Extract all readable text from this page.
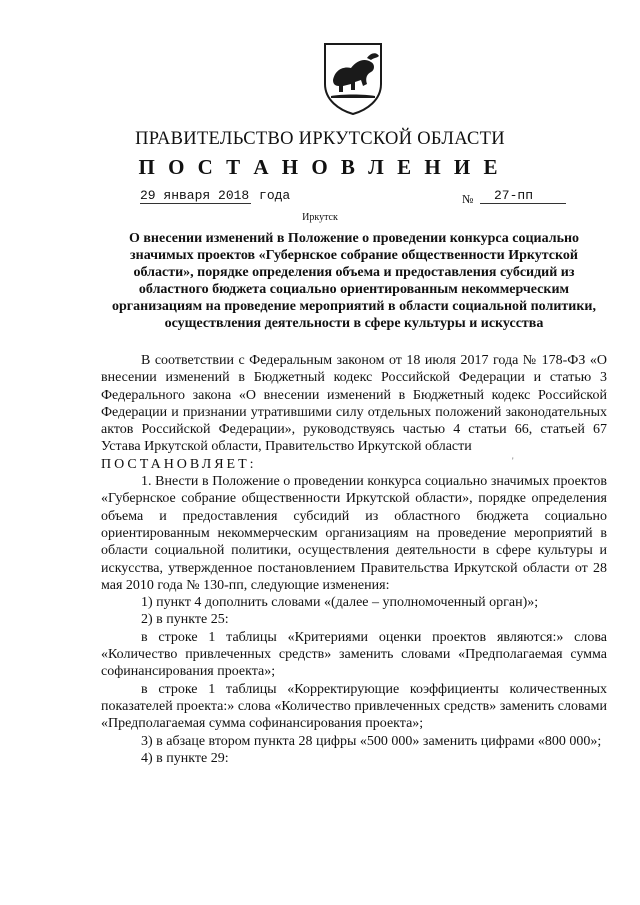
ПРАВИТЕЛЬСТВО ИРКУТСКОЙ ОБЛАСТИ
П О С Т А Н О В Л Е Н И Е
29 января 2018 года	№	27-пп
Иркутск
О внесении изменений в Положение о проведении конкурса социально значимых проектов «Губернское собрание общественности Иркутской области», порядке определения объема и предоставления субсидий из областного бюджета социально ориентированным некоммерческим организациям на проведение мероприятий в области социальной политики, осуществления деятельности в сфере культуры и искусства
'

В соответствии с Федеральным законом от 18 июля 2017 года № 178-ФЗ «О внесении изменений в Бюджетный кодекс Российской Федерации и статью 3 Федерального закона «О внесении изменений в Бюджетный кодекс Российской Федерации и признании утратившими силу отдельных положений законодательных актов Российской Федерации», руководствуясь частью 4 статьи 66, статьей 67 Устава Иркутской области, Правительство Иркутской области

ПОСТАНОВЛЯЕТ:

1. Внести в Положение о проведении конкурса социально значимых проектов «Губернское собрание общественности Иркутской области», порядке определения объема и предоставления субсидий из областного бюджета социально ориентированным некоммерческим организациям на проведение мероприятий в области социальной политики, осуществления деятельности в сфере культуры и искусства, утвержденное постановлением Правительства Иркутской области от 28 мая 2010 года № 130-пп, следующие изменения:

1) пункт 4 дополнить словами «(далее – уполномоченный орган)»;

2) в пункте 25:

в строке 1 таблицы «Критериями оценки проектов являются:» слова «Количество привлеченных средств» заменить словами «Предполагаемая сумма софинансирования проекта»;

в строке 1 таблицы «Корректирующие коэффициенты количественных показателей проекта:» слова «Количество привлеченных средств» заменить словами «Предполагаемая сумма софинансирования проекта»;

3) в абзаце втором пункта 28 цифры «500 000» заменить цифрами «800 000»;

4) в пункте 29:
